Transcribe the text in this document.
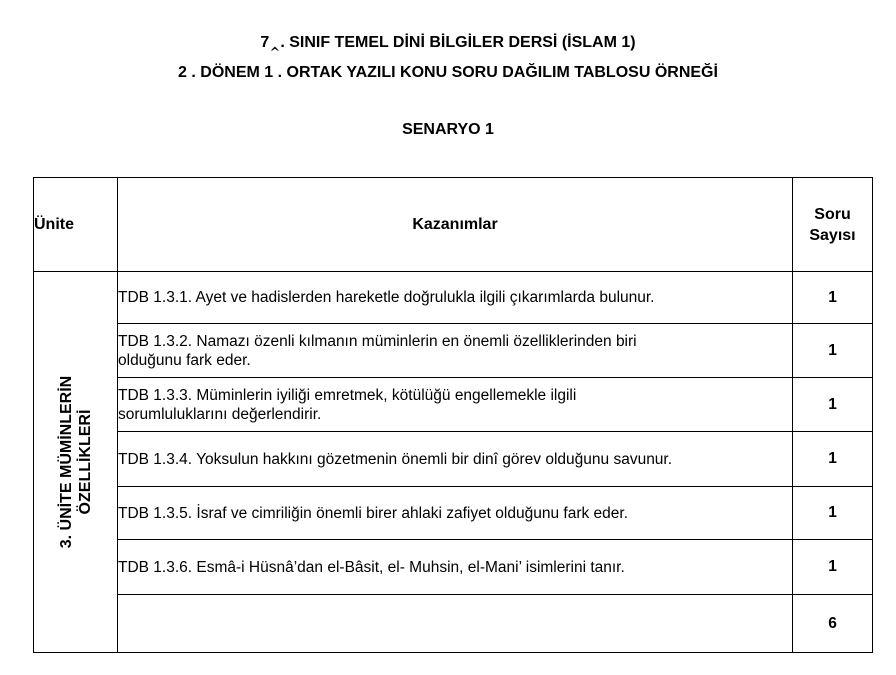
7‸. SINIF TEMEL DİNİ BİLGİLER DERSİ (İSLAM 1)
2 . DÖNEM 1 . ORTAK YAZILI KONU SORU DAĞILIM TABLOSU ÖRNEĞİ
SENARYO 1
Ünite	Kazanımlar	Soru
Sayısı

3. ÜNİTE MÜMİNLERİN ÖZELLİKLERİ	TDB 1.3.1. Ayet ve hadislerden hareketle doğrulukla ilgili çıkarımlarda bulunur.	1
	TDB 1.3.2. Namazı özenli kılmanın müminlerin en önemli özelliklerinden biri
olduğunu fark eder.	1
	TDB 1.3.3. Müminlerin iyiliği emretmek, kötülüğü engellemekle ilgili
sorumluluklarını değerlendirir.	1
	TDB 1.3.4. Yoksulun hakkını gözetmenin önemli bir dinî görev olduğunu savunur.	1
	TDB 1.3.5. İsraf ve cimriliğin önemli birer ahlaki zafiyet olduğunu fark eder.	1
	TDB 1.3.6. Esmâ-i Hüsnâ’dan el-Bâsit, el- Muhsin, el-Mani’ isimlerini tanır.	1
		6
